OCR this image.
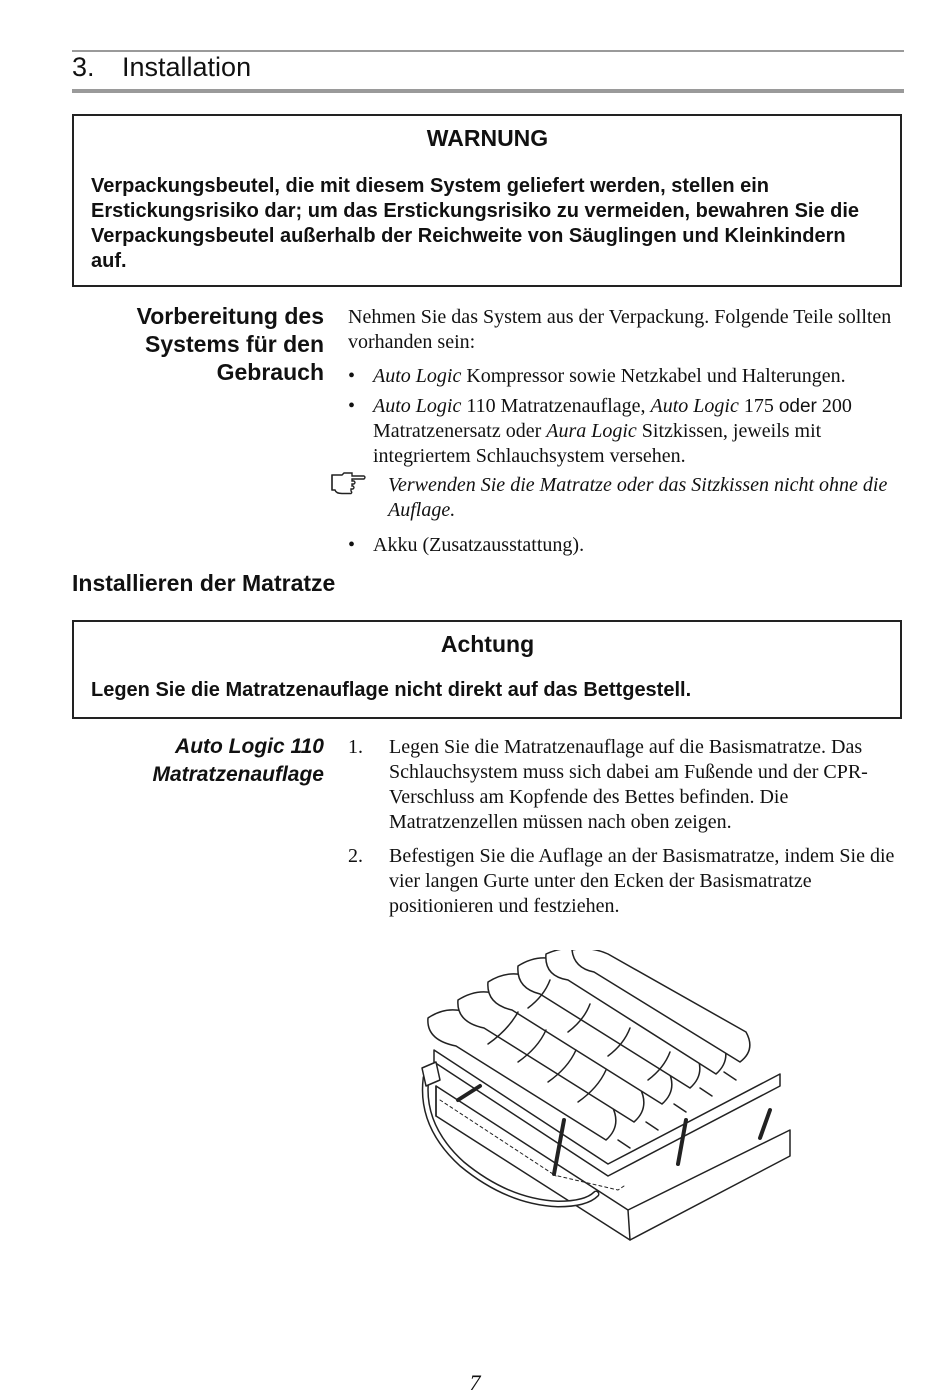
3. Installation
WARNUNG
Verpackungsbeutel, die mit diesem System geliefert werden, stellen ein Erstickungsrisiko dar; um das Erstickungsrisiko zu vermeiden, bewahren Sie die Verpackungsbeutel außerhalb der Reichweite von Säuglingen und Kleinkindern auf.
Vorbereitung des
Systems für den
Gebrauch
Nehmen Sie das System aus der Verpackung. Folgende Teile sollten vorhanden sein:
• Auto Logic Kompressor sowie Netzkabel und Halterungen.
• Auto Logic 110 Matratzenauflage, Auto Logic 175 oder 200 Matratzenersatz oder Aura Logic Sitzkissen, jeweils mit integriertem Schlauchsystem versehen.
Verwenden Sie die Matratze oder das Sitzkissen nicht ohne die Auflage.
• Akku (Zusatzausstattung).
Installieren der Matratze
Achtung
Legen Sie die Matratzenauflage nicht direkt auf das Bettgestell.
Auto Logic 110
Matratzenauflage
1. Legen Sie die Matratzenauflage auf die Basismatratze. Das Schlauchsystem muss sich dabei am Fußende und der CPR-Verschluss am Kopfende des Bettes befinden. Die Matratzenzellen müssen nach oben zeigen.
2. Befestigen Sie die Auflage an der Basismatratze, indem Sie die vier langen Gurte unter den Ecken der Basismatratze positionieren und festziehen.
7
